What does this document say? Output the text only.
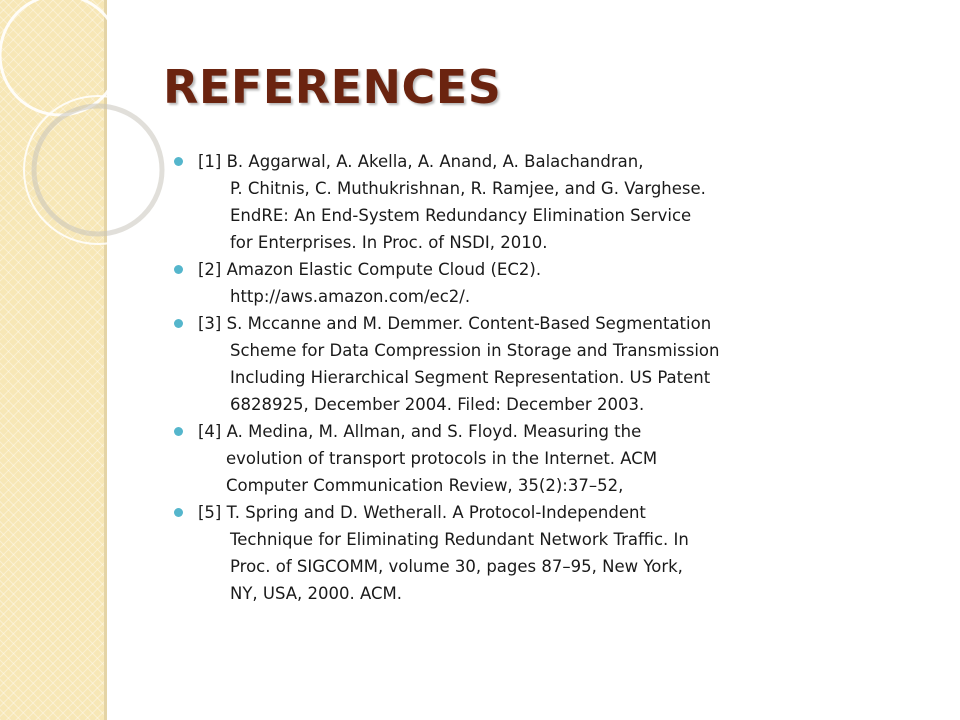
REFERENCES
[1] B. Aggarwal, A. Akella, A. Anand, A. Balachandran,
P. Chitnis, C. Muthukrishnan, R. Ramjee, and G. Varghese.
EndRE: An End-System Redundancy Elimination Service
for Enterprises. In Proc. of NSDI, 2010.
[2] Amazon Elastic Compute Cloud (EC2).
http://aws.amazon.com/ec2/.
[3] S. Mccanne and M. Demmer. Content-Based Segmentation
Scheme for Data Compression in Storage and Transmission
Including Hierarchical Segment Representation. US Patent
6828925, December 2004. Filed: December 2003.
[4] A. Medina, M. Allman, and S. Floyd. Measuring the
evolution of transport protocols in the Internet. ACM
Computer Communication Review, 35(2):37–52,
[5] T. Spring and D. Wetherall. A Protocol-Independent
Technique for Eliminating Redundant Network Traffic. In
Proc. of SIGCOMM, volume 30, pages 87–95, New York,
NY, USA, 2000. ACM.
